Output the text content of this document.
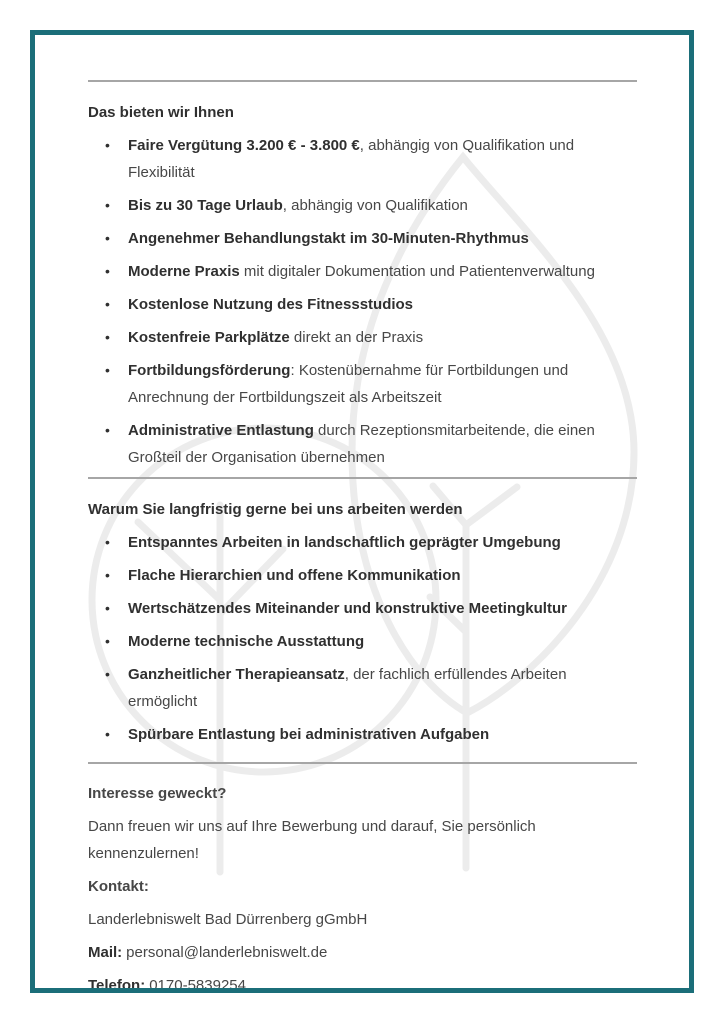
Das bieten wir Ihnen
• Faire Vergütung 3.200 € - 3.800 €, abhängig von Qualifikation und Flexibilität
• Bis zu 30 Tage Urlaub, abhängig von Qualifikation
• Angenehmer Behandlungstakt im 30-Minuten-Rhythmus
• Moderne Praxis mit digitaler Dokumentation und Patientenverwaltung
• Kostenlose Nutzung des Fitnessstudios
• Kostenfreie Parkplätze direkt an der Praxis
• Fortbildungsförderung: Kostenübernahme für Fortbildungen und Anrechnung der Fortbildungszeit als Arbeitszeit
• Administrative Entlastung durch Rezeptionsmitarbeitende, die einen Großteil der Organisation übernehmen
Warum Sie langfristig gerne bei uns arbeiten werden
• Entspanntes Arbeiten in landschaftlich geprägter Umgebung
• Flache Hierarchien und offene Kommunikation
• Wertschätzendes Miteinander und konstruktive Meetingkultur
• Moderne technische Ausstattung
• Ganzheitlicher Therapieansatz, der fachlich erfüllendes Arbeiten ermöglicht
• Spürbare Entlastung bei administrativen Aufgaben

Interesse geweckt?

Dann freuen wir uns auf Ihre Bewerbung und darauf, Sie persönlich kennenzulernen!

Kontakt:

Landerlebniswelt Bad Dürrenberg gGmbH

Mail: personal@landerlebniswelt.de

Telefon: 0170-5839254
